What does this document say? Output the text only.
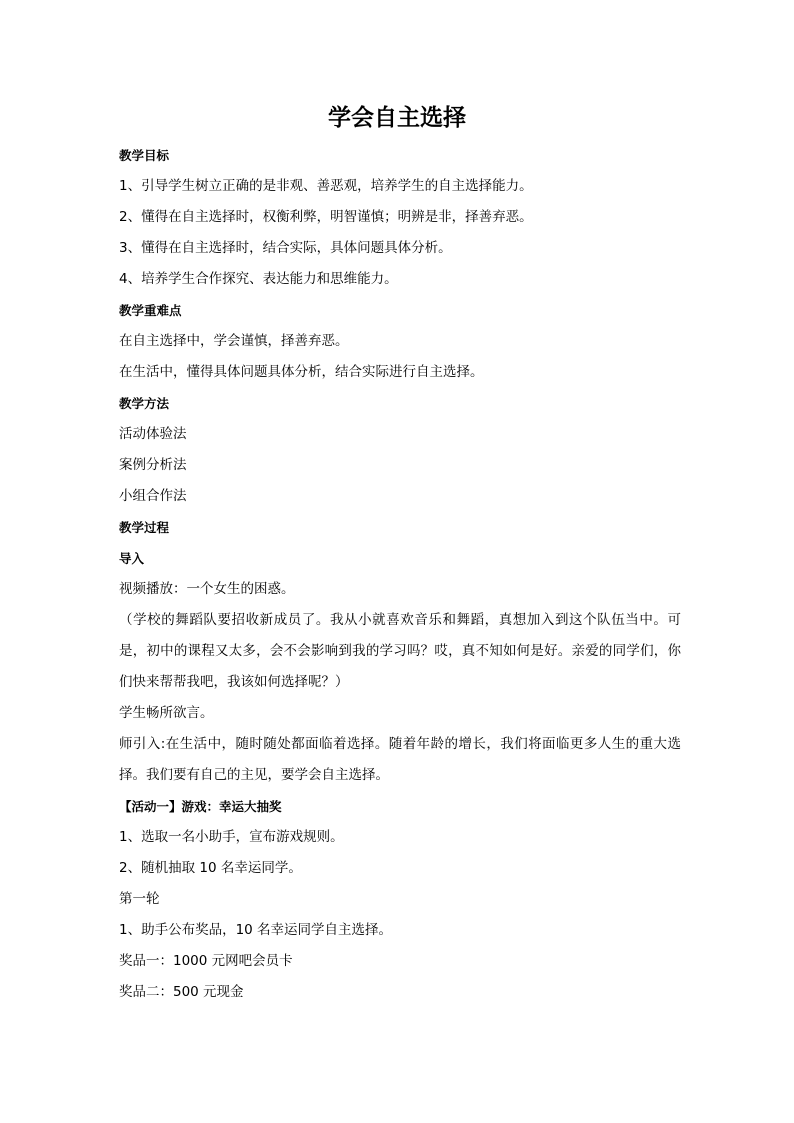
学会自主选择
教学目标
1、引导学生树立正确的是非观、善恶观，培养学生的自主选择能力。
2、懂得在自主选择时，权衡利弊，明智谨慎；明辨是非，择善弃恶。
3、懂得在自主选择时，结合实际，具体问题具体分析。
4、培养学生合作探究、表达能力和思维能力。
教学重难点
在自主选择中，学会谨慎，择善弃恶。
在生活中，懂得具体问题具体分析，结合实际进行自主选择。
教学方法
活动体验法
案例分析法
小组合作法
教学过程
导入
视频播放：一个女生的困惑。
（学校的舞蹈队要招收新成员了。我从小就喜欢音乐和舞蹈，真想加入到这个队伍当中。可是，初中的课程又太多，会不会影响到我的学习吗？哎，真不知如何是好。亲爱的同学们，你们快来帮帮我吧，我该如何选择呢？）
学生畅所欲言。
师引入:在生活中，随时随处都面临着选择。随着年龄的增长，我们将面临更多人生的重大选择。我们要有自己的主见，要学会自主选择。
【活动一】游戏：幸运大抽奖
1、选取一名小助手，宣布游戏规则。
2、随机抽取 10 名幸运同学。
第一轮
1、助手公布奖品，10 名幸运同学自主选择。
奖品一：1000 元网吧会员卡
奖品二：500 元现金
